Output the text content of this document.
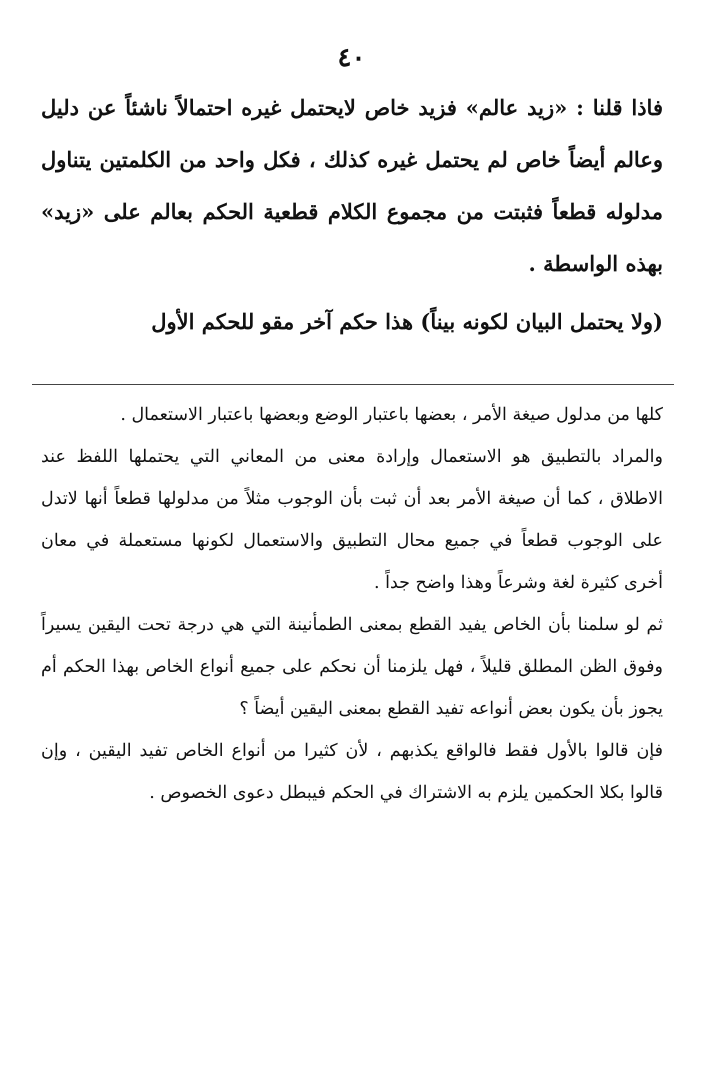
٤٠

فاذا قلنا : «زيد عالم» فزيد خاص لايحتمل غيره احتمالاً ناشئاً عن دليل وعالم أيضاً خاص لم يحتمل غيره كذلك ، فكل واحد من الكلمتين يتناول مدلوله قطعاً فثبتت من مجموع الكلام قطعية الحكم بعالم على «زيد» بهذه الواسطة .

(ولا يحتمل البيان لكونه بيناً) هذا حكم آخر مقو للحكم الأول

كلها من مدلول صيغة الأمر ، بعضها باعتبار الوضع وبعضها باعتبار الاستعمال .

والمراد بالتطبيق هو الاستعمال وإرادة معنى من المعاني التي يحتملها اللفظ عند الاطلاق ، كما أن صيغة الأمر بعد أن ثبت بأن الوجوب مثلاً من مدلولها قطعاً أنها لاتدل على الوجوب قطعاً في جميع محال التطبيق والاستعمال لكونها مستعملة في معان أخرى كثيرة لغة وشرعاً وهذا واضح جداً .

ثم لو سلمنا بأن الخاص يفيد القطع بمعنى الطمأنينة التي هي درجة تحت اليقين يسيراً وفوق الظن المطلق قليلاً ، فهل يلزمنا أن نحكم على جميع أنواع الخاص بهذا الحكم أم يجوز بأن يكون بعض أنواعه تفيد القطع بمعنى اليقين أيضاً ؟

فإن قالوا بالأول فقط فالواقع يكذبهم ، لأن كثيرا من أنواع الخاص تفيد اليقين ، وإن قالوا بكلا الحكمين يلزم به الاشتراك في الحكم فيبطل دعوى الخصوص .
